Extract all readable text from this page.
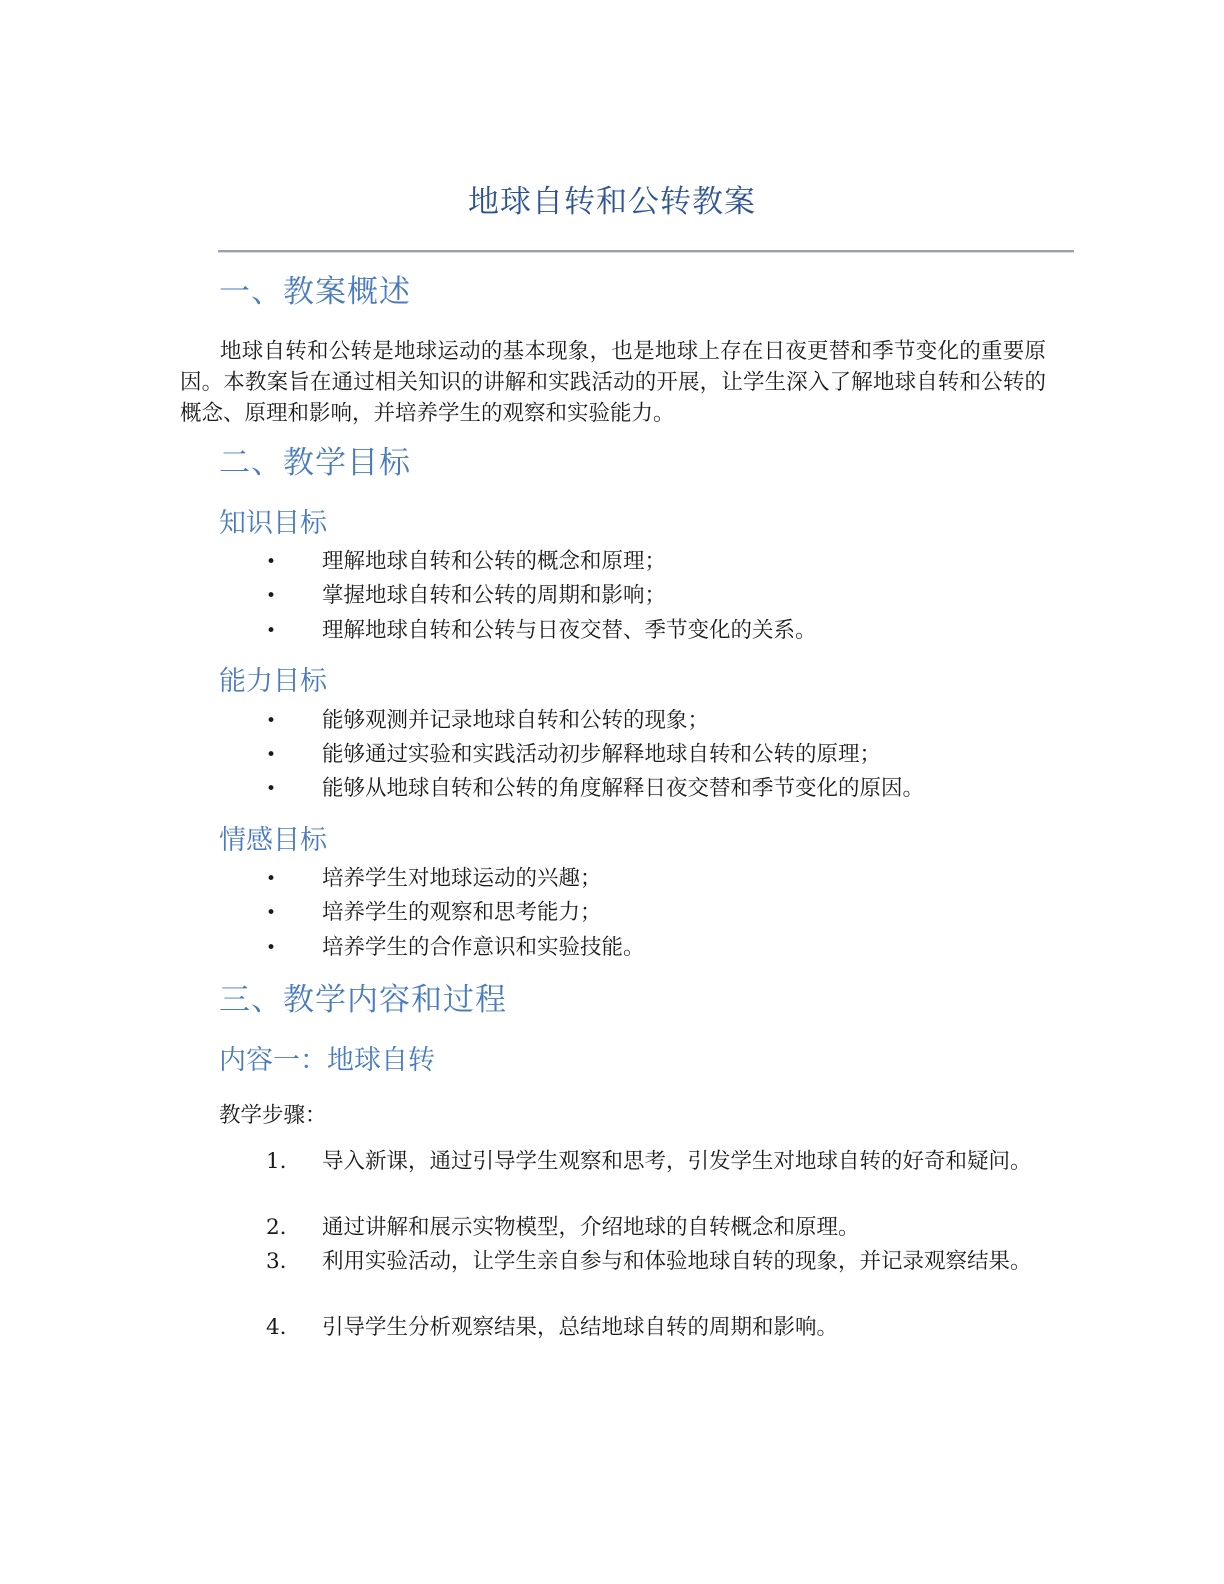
地球自转和公转教案
一、教案概述
地球自转和公转是地球运动的基本现象，也是地球上存在日夜更替和季节变化的重要原因。本教案旨在通过相关知识的讲解和实践活动的开展，让学生深入了解地球自转和公转的概念、原理和影响，并培养学生的观察和实验能力。
二、教学目标
知识目标
• 理解地球自转和公转的概念和原理；
• 掌握地球自转和公转的周期和影响；
• 理解地球自转和公转与日夜交替、季节变化的关系。
能力目标
• 能够观测并记录地球自转和公转的现象；
• 能够通过实验和实践活动初步解释地球自转和公转的原理；
• 能够从地球自转和公转的角度解释日夜交替和季节变化的原因。
情感目标
• 培养学生对地球运动的兴趣；
• 培养学生的观察和思考能力；
• 培养学生的合作意识和实验技能。
三、教学内容和过程
内容一：地球自转
教学步骤：
1.	导入新课，通过引导学生观察和思考，引发学生对地球自转的好奇和疑问。

2.	通过讲解和展示实物模型，介绍地球的自转概念和原理。

3.	利用实验活动，让学生亲自参与和体验地球自转的现象，并记录观察结果。

4.	引导学生分析观察结果，总结地球自转的周期和影响。
